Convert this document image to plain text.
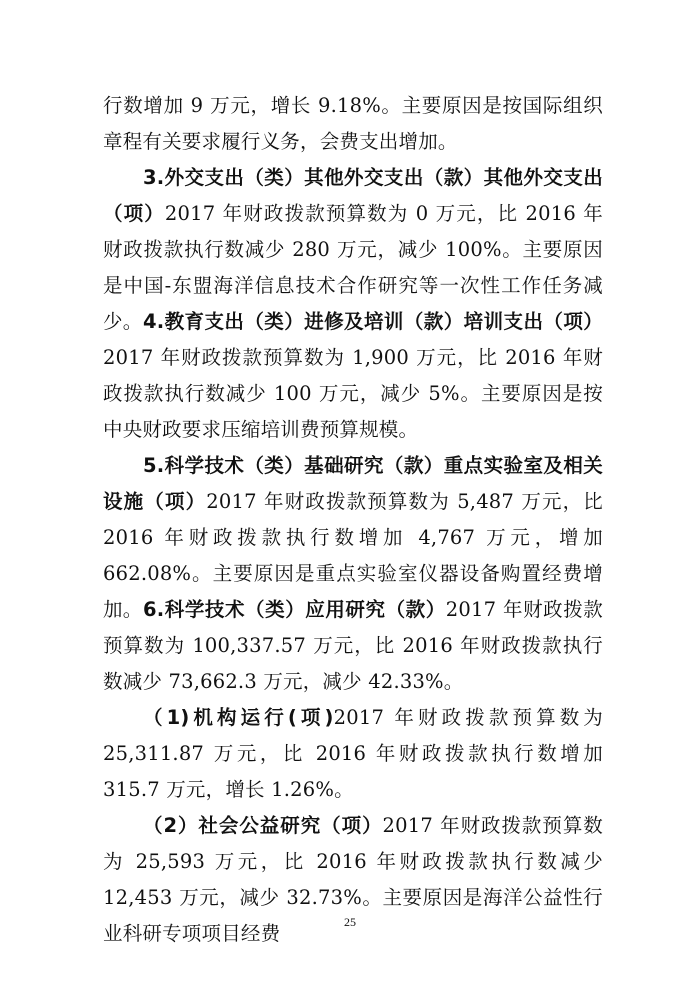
行数增加 9 万元，增长 9.18%。主要原因是按国际组织章程有关要求履行义务，会费支出增加。

3.外交支出（类）其他外交支出（款）其他外交支出（项）2017 年财政拨款预算数为 0 万元，比 2016 年财政拨款执行数减少 280 万元，减少 100%。主要原因是中国-东盟海洋信息技术合作研究等一次性工作任务减少。 4.教育支出（类）进修及培训（款）培训支出（项）2017 年财政拨款预算数为 1,900 万元，比 2016 年财政拨款执行数减少 100 万元，减少 5%。主要原因是按中央财政要求压缩培训费预算规模。

5.科学技术（类）基础研究（款）重点实验室及相关设施（项）2017 年财政拨款预算数为 5,487 万元，比 2016 年财政拨款执行数增加 4,767 万元，增加 662.08%。主要原因是重点实验室仪器设备购置经费增加。 6.科学技术（类）应用研究（款）2017 年财政拨款预算数为 100,337.57 万元，比 2016 年财政拨款执行数减少 73,662.3 万元，减少 42.33%。

（1)机构运行(项)2017 年财政拨款预算数为 25,311.87 万元，比 2016 年财政拨款执行数增加 315.7 万元，增长 1.26%。

（2）社会公益研究（项）2017 年财政拨款预算数为 25,593 万元，比 2016 年财政拨款执行数减少 12,453 万元，减少 32.73%。主要原因是海洋公益性行业科研专项项目经费	25
